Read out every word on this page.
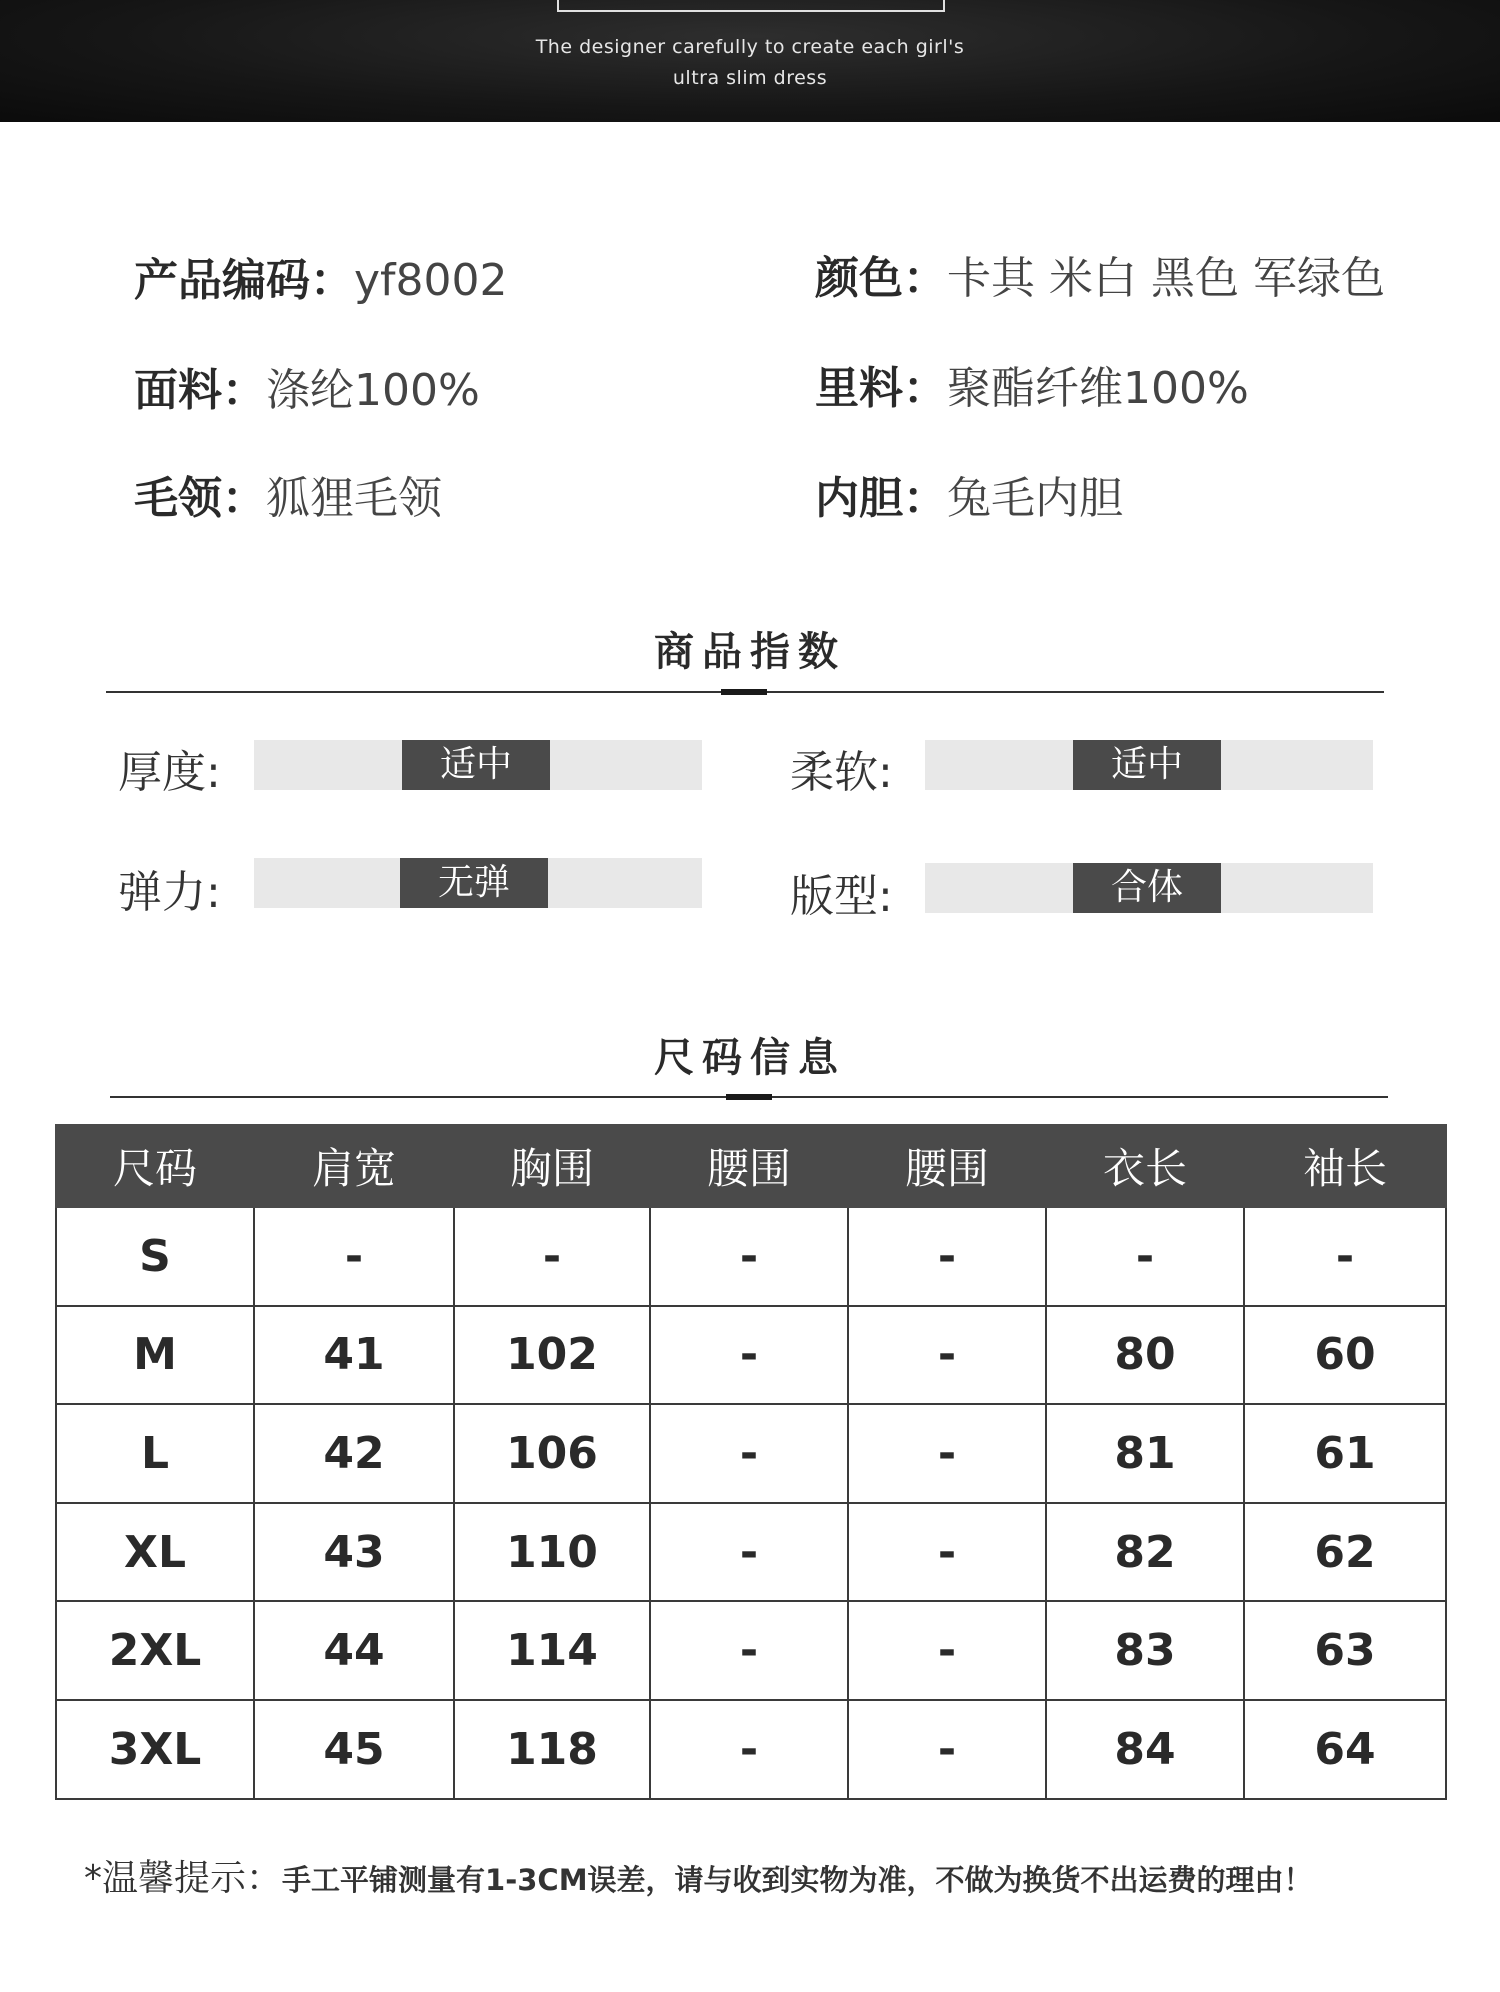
The designer carefully to create each girl's
ultra slim dress
产品编码：yf8002	颜色：卡其 米白 黑色 军绿色
面料：涤纶100%	里料：聚酯纤维100%
毛领：狐狸毛领	内胆：兔毛内胆
商品指数
厚度:	适中	柔软:	适中
弹力:	无弹	版型:	合体
尺码信息
尺码	肩宽	胸围	腰围	腰围	衣长	袖长
S	-	-	-	-	-	-
M	41	102	-	-	80	60
L	42	106	-	-	81	61
XL	43	110	-	-	82	62
2XL	44	114	-	-	83	63
3XL	45	118	-	-	84	64
*温馨提示：手工平铺测量有1-3CM误差，请与收到实物为准，不做为换货不出运费的理由！
